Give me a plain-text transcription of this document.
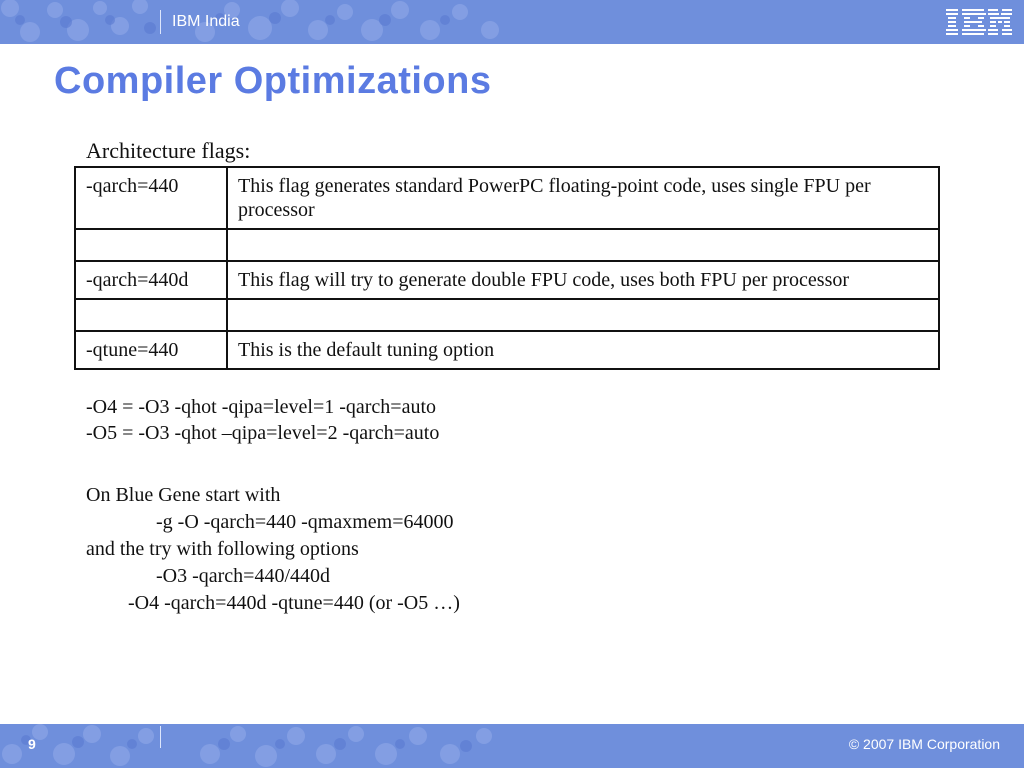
IBM India
Compiler Optimizations
Architecture flags:
-qarch=440	This flag generates standard PowerPC floating-point code, uses single FPU per processor

-qarch=440d	This flag will try to generate double FPU code, uses both FPU per processor

-qtune=440	This is the default tuning option
-O4 = -O3 -qhot -qipa=level=1 -qarch=auto
-O5 = -O3 -qhot –qipa=level=2 -qarch=auto
On Blue Gene start with
-g -O -qarch=440 -qmaxmem=64000
and the try with following options
-O3 -qarch=440/440d
-O4 -qarch=440d -qtune=440 (or -O5 …)
9	© 2007 IBM Corporation
